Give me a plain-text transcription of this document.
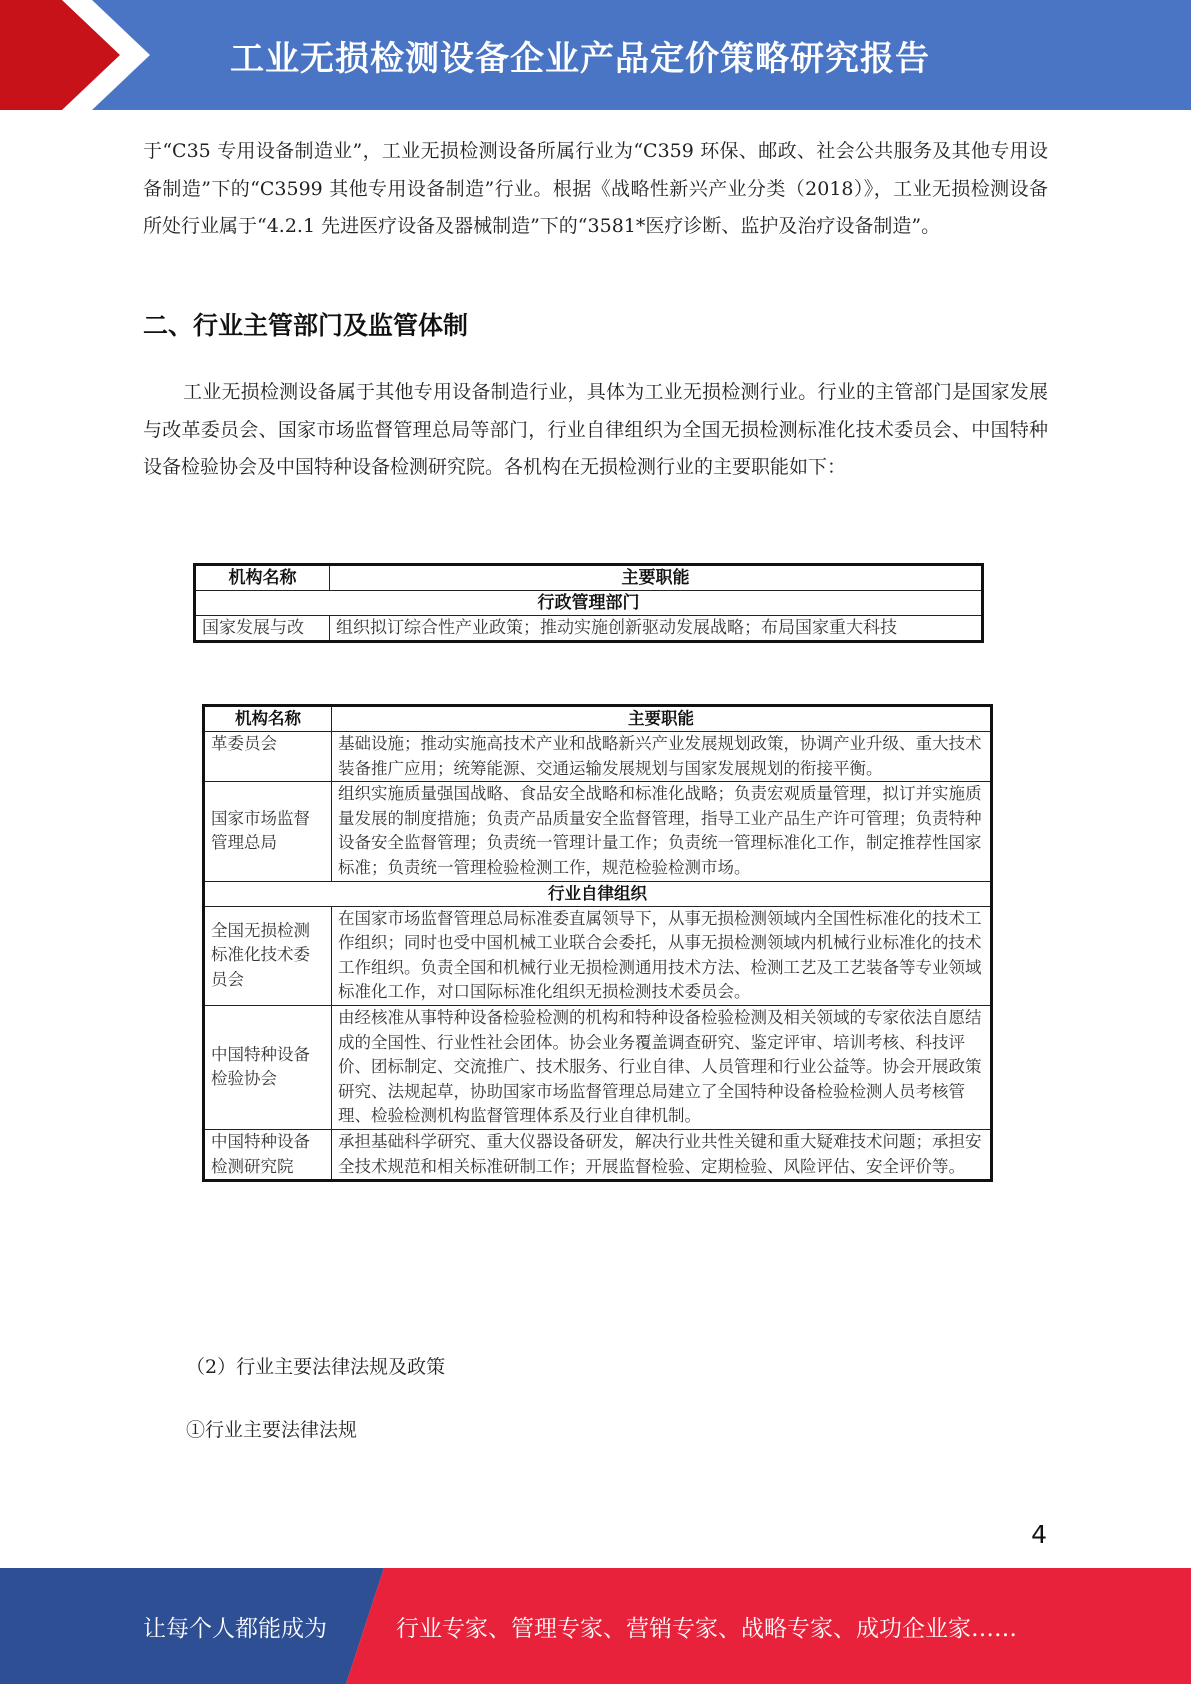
工业无损检测设备企业产品定价策略研究报告

于“C35 专用设备制造业”，工业无损检测设备所属行业为“C359 环保、邮政、社会公共服务及其他专用设备制造”下的“C3599 其他专用设备制造”行业。根据《战略性新兴产业分类（2018）》，工业无损检测设备所处行业属于“4.2.1 先进医疗设备及器械制造”下的“3581*医疗诊断、监护及治疗设备制造”。

二、行业主管部门及监管体制

工业无损检测设备属于其他专用设备制造行业，具体为工业无损检测行业。行业的主管部门是国家发展与改革委员会、国家市场监督管理总局等部门，行业自律组织为全国无损检测标准化技术委员会、中国特种设备检验协会及中国特种设备检测研究院。各机构在无损检测行业的主要职能如下：

机构名称	主要职能
行政管理部门	
国家发展与改	组织拟订综合性产业政策；推动实施创新驱动发展战略；布局国家重大科技
机构名称	主要职能
革委员会	基础设施；推动实施高技术产业和战略新兴产业发展规划政策，协调产业升级、重大技术装备推广应用；统筹能源、交通运输发展规划与国家发展规划的衔接平衡。
国家市场监督管理总局	组织实施质量强国战略、食品安全战略和标准化战略；负责宏观质量管理，拟订并实施质量发展的制度措施；负责产品质量安全监督管理，指导工业产品生产许可管理；负责特种设备安全监督管理；负责统一管理计量工作；负责统一管理标准化工作，制定推荐性国家标准；负责统一管理检验检测工作，规范检验检测市场。
行业自律组织	
全国无损检测标准化技术委员会	在国家市场监督管理总局标准委直属领导下，从事无损检测领域内全国性标准化的技术工作组织；同时也受中国机械工业联合会委托，从事无损检测领域内机械行业标准化的技术工作组织。负责全国和机械行业无损检测通用技术方法、检测工艺及工艺装备等专业领域标准化工作，对口国际标准化组织无损检测技术委员会。
中国特种设备检验协会	由经核准从事特种设备检验检测的机构和特种设备检验检测及相关领域的专家依法自愿结成的全国性、行业性社会团体。协会业务覆盖调查研究、鉴定评审、培训考核、科技评价、团标制定、交流推广、技术服务、行业自律、人员管理和行业公益等。协会开展政策研究、法规起草，协助国家市场监督管理总局建立了全国特种设备检验检测人员考核管理、检验检测机构监督管理体系及行业自律机制。
中国特种设备检测研究院	承担基础科学研究、重大仪器设备研发，解决行业共性关键和重大疑难技术问题；承担安全技术规范和相关标准研制工作；开展监督检验、定期检验、风险评估、安全评价等。

（2）行业主要法律法规及政策

①行业主要法律法规

4
让每个人都能成为	行业专家、管理专家、营销专家、战略专家、成功企业家……
